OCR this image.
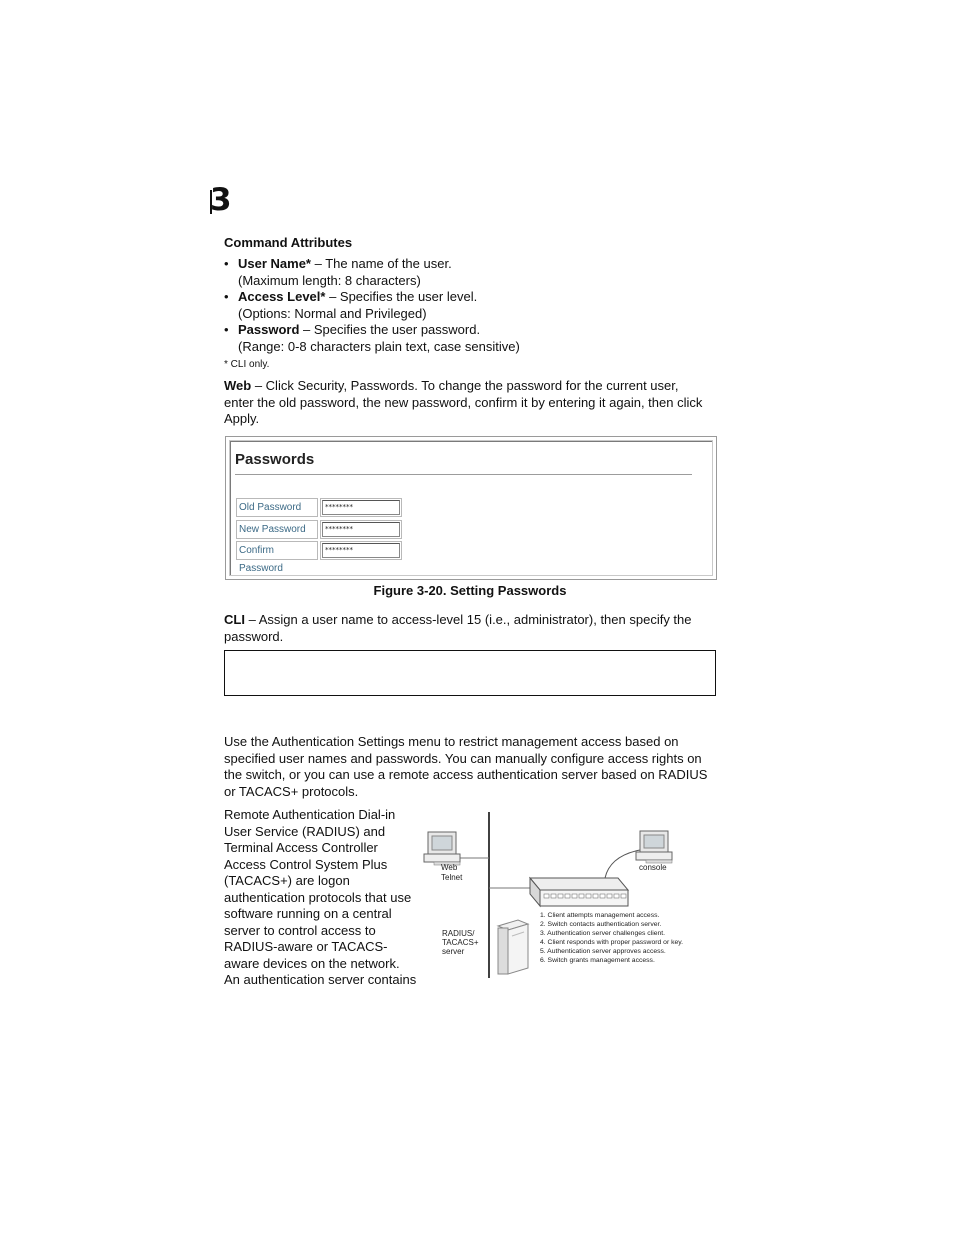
3
Command Attributes
• User Name* – The name of the user.
(Maximum length: 8 characters)
• Access Level* – Specifies the user level.
(Options: Normal and Privileged)
• Password – Specifies the user password.
(Range: 0-8 characters plain text, case sensitive)
* CLI only.
Web – Click Security, Passwords. To change the password for the current user,
enter the old password, the new password, confirm it by entering it again, then click
Apply.
Passwords
Old Password	********
New Password	********
Confirm Password
********
Figure 3-20. Setting Passwords
CLI – Assign a user name to access-level 15 (i.e., administrator), then specify the
password.
Use the Authentication Settings menu to restrict management access based on
specified user names and passwords. You can manually configure access rights on
the switch, or you can use a remote access authentication server based on RADIUS
or TACACS+ protocols.
Remote Authentication Dial-in
User Service (RADIUS) and
Terminal Access Controller
Access Control System Plus
(TACACS+) are logon
authentication protocols that use
software running on a central
server to control access to
RADIUS-aware or TACACS-
aware devices on the network.
An authentication server contains
Web
Telnet
console
RADIUS/
TACACS+
server
1. Client attempts management access.
2. Switch contacts authentication server.
3. Authentication server challenges client.
4. Client responds with proper password or key.
5. Authentication server approves access.
6. Switch grants management access.
